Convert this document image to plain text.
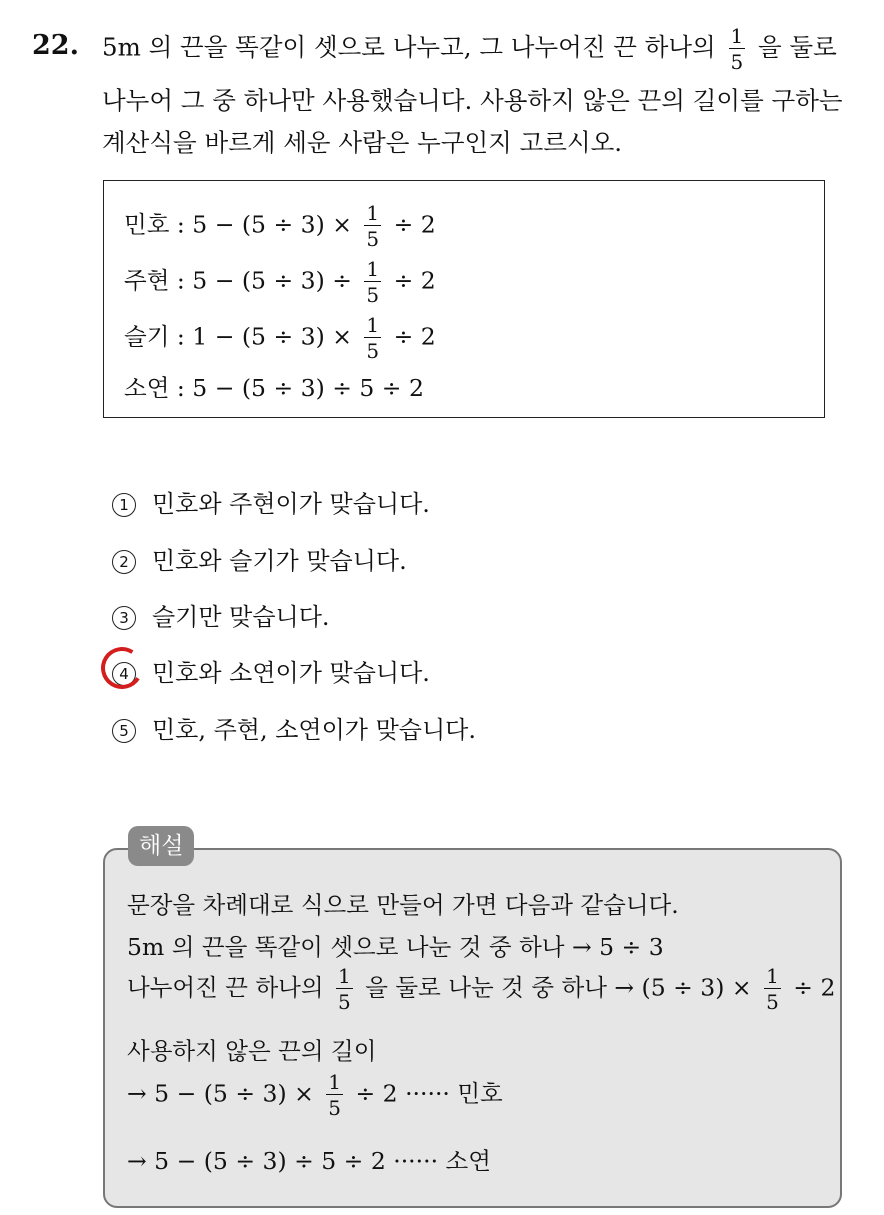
22. 5m 의 끈을 똑같이 셋으로 나누고, 그 나누어진 끈 하나의 $\frac{1}{5}$ 을 둘로
나누어 그 중 하나만 사용했습니다. 사용하지 않은 끈의 길이를 구하는
계산식을 바르게 세운 사람은 누구인지 고르시오.
민호 : $5 - (5 \div 3) \times \frac{1}{5} \div 2$
주현 : $5 - (5 \div 3) \div \frac{1}{5} \div 2$
슬기 : $1 - (5 \div 3) \times \frac{1}{5} \div 2$
소연 : 5 − (5 ÷ 3) ÷ 5 ÷ 2
1 민호와 주현이가 맞습니다.
2 민호와 슬기가 맞습니다.
3 슬기만 맞습니다.
4 민호와 소연이가 맞습니다.
5 민호, 주현, 소연이가 맞습니다.
문장을 차례대로 식으로 만들어 가면 다음과 같습니다.
5m 의 끈을 똑같이 셋으로 나눈 것 중 하나 → 5 ÷ 3
나누어진 끈 하나의 $\frac{1}{5}$ 을 둘로 나눈 것 중 하나 → $(5 \div 3) \times \frac{1}{5} \div 2$
사용하지 않은 끈의 길이
→ $5 - (5 \div 3) \times \frac{1}{5} \div 2$ ······ 민호
→ 5 − (5 ÷ 3) ÷ 5 ÷ 2 ······ 소연
해설
